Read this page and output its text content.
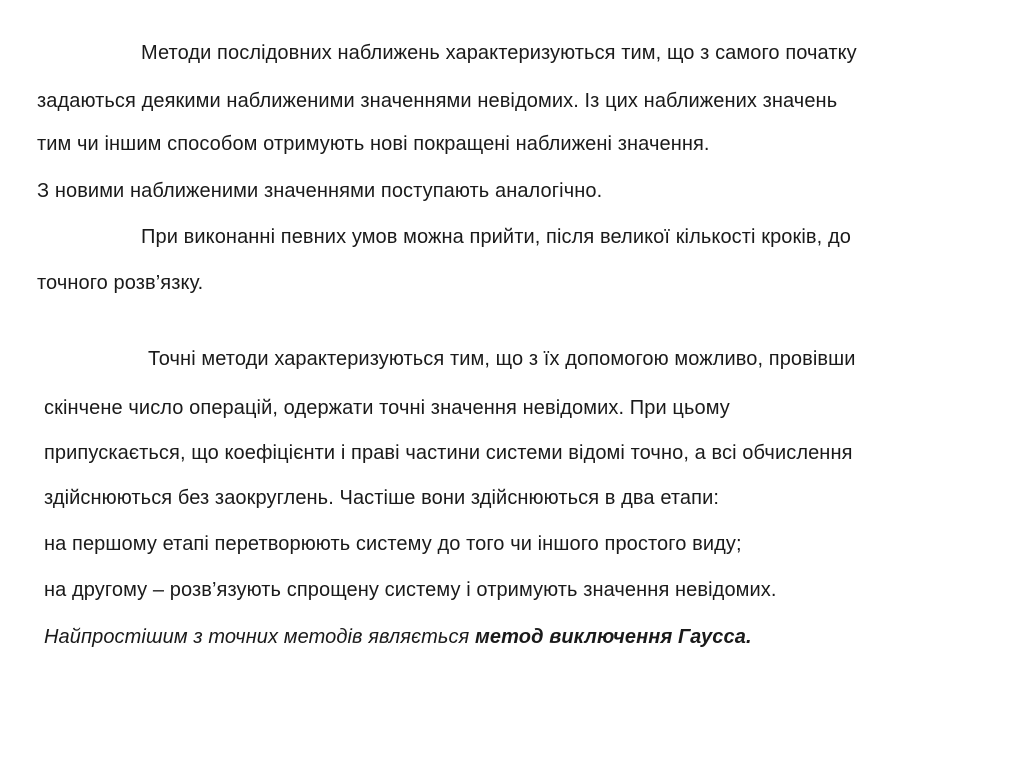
Методи послідовних наближень характеризуються тим, що з самого початку
задаються деякими наближеними значеннями невідомих. Із цих наближених значень
тим чи іншим способом отримують нові покращені наближені значення.
З новими наближеними значеннями поступають аналогічно.
При виконанні певних умов можна прийти, після великої кількості кроків, до
точного розв’язку.
Точні методи характеризуються тим, що з їх допомогою можливо, провівши
скінчене число операцій, одержати точні значення невідомих. При цьому
припускається, що коефіцієнти і праві частини системи відомі точно, а всі обчислення
здійснюються без заокруглень. Частіше вони здійснюються в два етапи:
на першому етапі перетворюють систему до того чи іншого простого виду;
на другому – розв’язують спрощену систему і отримують значення невідомих.
Найпростішим з точних методів являється метод виключення Гаусса.
